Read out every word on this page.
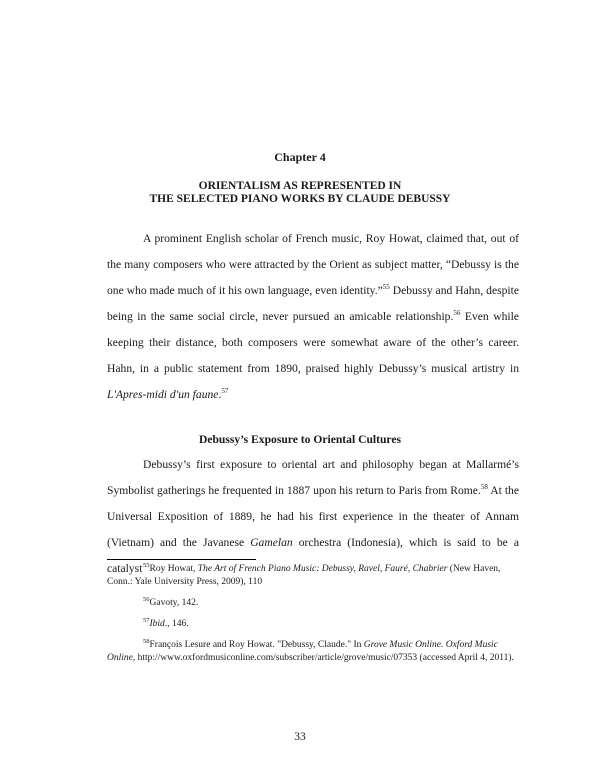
Chapter 4
ORIENTALISM AS REPRESENTED IN
THE SELECTED PIANO WORKS BY CLAUDE DEBUSSY

A prominent English scholar of French music, Roy Howat, claimed that, out of the many composers who were attracted by the Orient as subject matter, “Debussy is the one who made much of it his own language, even identity.”$^{55}$ Debussy and Hahn, despite being in the same social circle, never pursued an amicable relationship.$^{56}$ Even while keeping their distance, both composers were somewhat aware of the other’s career. Hahn, in a public statement from 1890, praised highly Debussy’s musical artistry in L'Apres-midi d'un faune.$^{57}$

Debussy’s Exposure to Oriental Cultures

Debussy’s first exposure to oriental art and philosophy began at Mallarmé’s Symbolist gatherings he frequented in 1887 upon his return to Paris from Rome.$^{58}$ At the Universal Exposition of 1889, he had his first experience in the theater of Annam (Vietnam) and the Javanese Gamelan orchestra (Indonesia), which is said to be a catalyst $^{55}$Roy Howat, The Art of French Piano Music: Debussy, Ravel, Fauré, Chabrier (New Haven, Conn.: Yale University Press, 2009), 110

$^{56}$Gavoty, 142.

$^{57}$Ibid., 146.

$^{58}$François Lesure and Roy Howat. "Debussy, Claude." In Grove Music Online. Oxford Music Online, http://www.oxfordmusiconline.com/subscriber/article/grove/music/07353 (accessed April 4, 2011).

33
